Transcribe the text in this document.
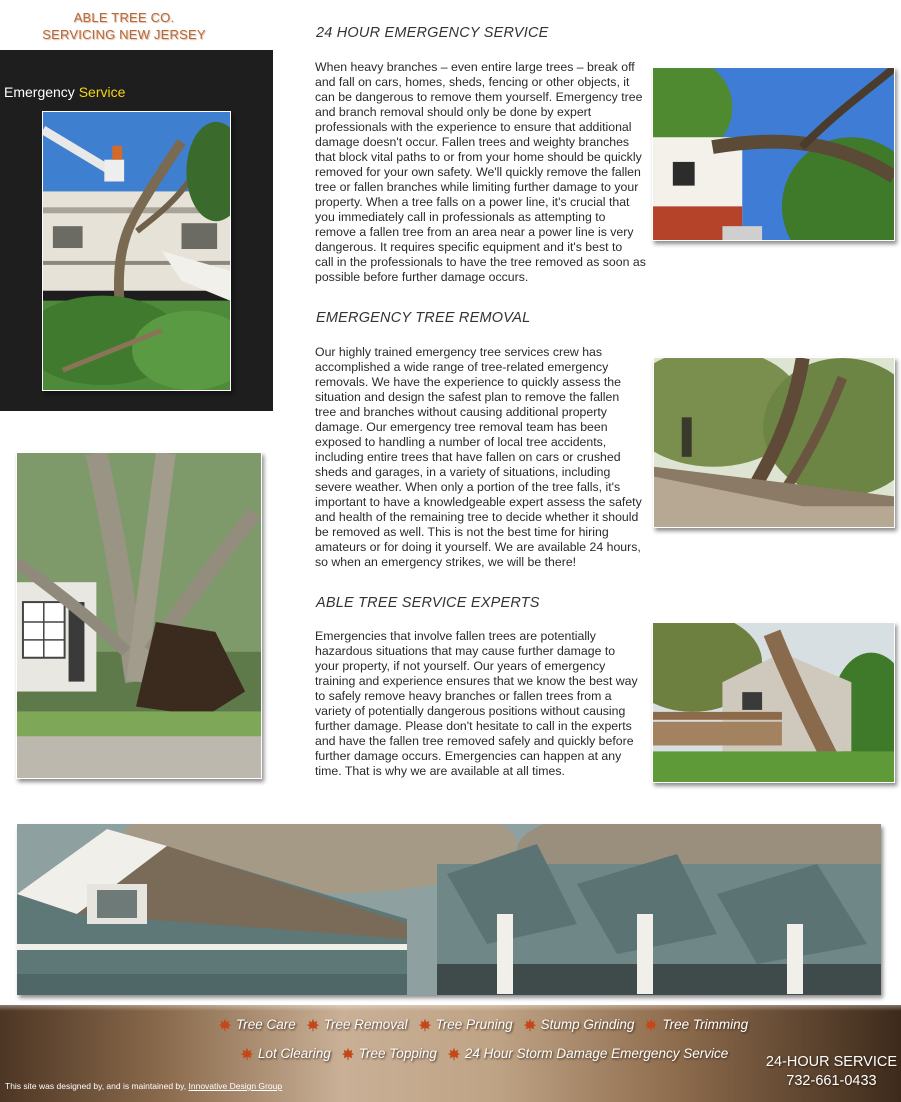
ABLE TREE CO.
SERVICING NEW JERSEY
Emergency Service
24 HOUR EMERGENCY SERVICE
When heavy branches – even entire large trees – break off
and fall on cars, homes, sheds, fencing or other objects, it
can be dangerous to remove them yourself. Emergency tree
and branch removal should only be done by expert
professionals with the experience to ensure that additional
damage doesn't occur. Fallen trees and weighty branches
that block vital paths to or from your home should be quickly
removed for your own safety. We'll quickly remove the fallen
tree or fallen branches while limiting further damage to your
property. When a tree falls on a power line, it's crucial that
you immediately call in professionals as attempting to
remove a fallen tree from an area near a power line is very
dangerous. It requires specific equipment and it's best to
call in the professionals to have the tree removed as soon as
possible before further damage occurs.
EMERGENCY TREE REMOVAL
Our highly trained emergency tree services crew has
accomplished a wide range of tree-related emergency
removals. We have the experience to quickly assess the
situation and design the safest plan to remove the fallen
tree and branches without causing additional property
damage. Our emergency tree removal team has been
exposed to handling a number of local tree accidents,
including entire trees that have fallen on cars or crushed
sheds and garages, in a variety of situations, including
severe weather. When only a portion of the tree falls, it's
important to have a knowledgeable expert assess the safety
and health of the remaining tree to decide whether it should
be removed as well. This is not the best time for hiring
amateurs or for doing it yourself. We are available 24 hours,
so when an emergency strikes, we will be there!
ABLE TREE SERVICE EXPERTS
Emergencies that involve fallen trees are potentially
hazardous situations that may cause further damage to
your property, if not yourself. Our years of emergency
training and experience ensures that we know the best way
to safely remove heavy branches or fallen trees from a
variety of potentially dangerous positions without causing
further damage. Please don't hesitate to call in the experts
and have the fallen tree removed safely and quickly before
further damage occurs. Emergencies can happen at any
time. That is why we are available at all times.
Tree Care Tree Removal Tree Pruning Stump Grinding Tree Trimming
Lot Clearing Tree Topping 24 Hour Storm Damage Emergency Service
24-HOUR SERVICE
732-661-0433
This site was designed by, and is maintained by, Innovative Design Group
